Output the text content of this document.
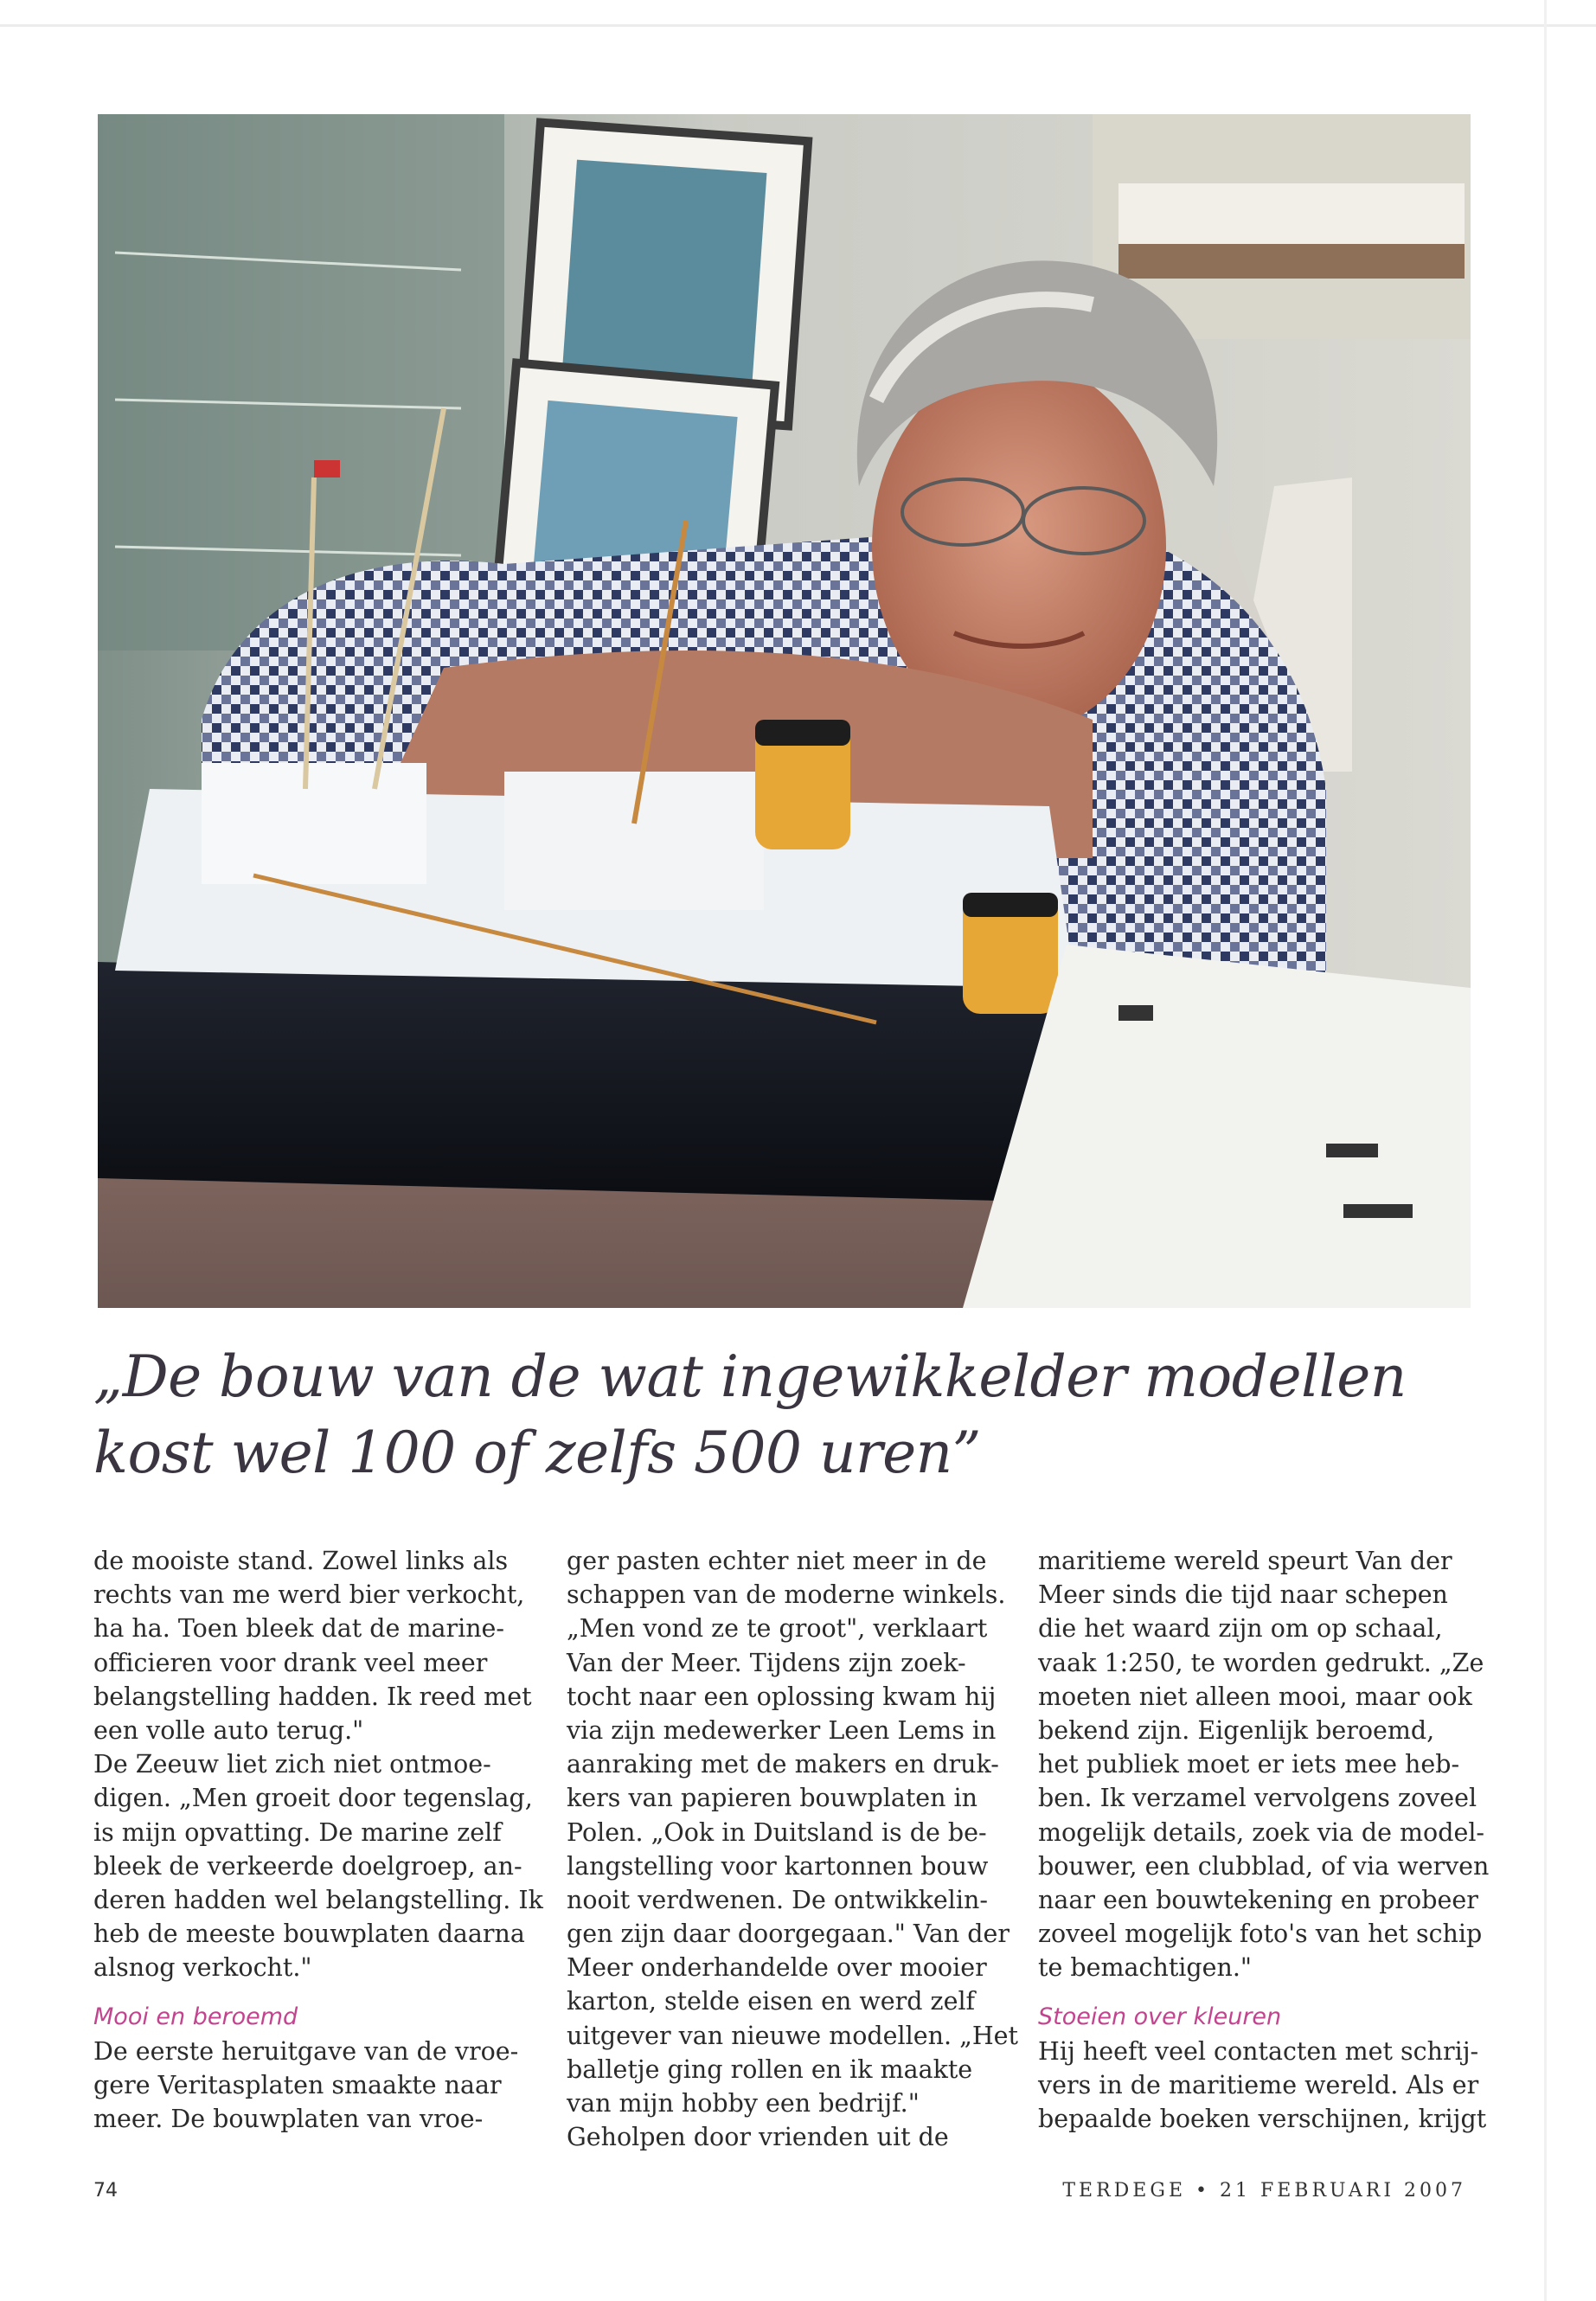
„De bouw van de wat ingewikkelder modellen
kost wel 100 of zelfs 500 uren”
de mooiste stand. Zowel links als
rechts van me werd bier verkocht,
ha ha. Toen bleek dat de marine-
officieren voor drank veel meer
belangstelling hadden. Ik reed met
een volle auto terug."
De Zeeuw liet zich niet ontmoe-
digen. „Men groeit door tegenslag,
is mijn opvatting. De marine zelf
bleek de verkeerde doelgroep, an-
deren hadden wel belangstelling. Ik
heb de meeste bouwplaten daarna
alsnog verkocht."
Mooi en beroemd
De eerste heruitgave van de vroe-
gere Veritasplaten smaakte naar
meer. De bouwplaten van vroe-
ger pasten echter niet meer in de
schappen van de moderne winkels.
„Men vond ze te groot", verklaart
Van der Meer. Tijdens zijn zoek-
tocht naar een oplossing kwam hij
via zijn medewerker Leen Lems in
aanraking met de makers en druk-
kers van papieren bouwplaten in
Polen. „Ook in Duitsland is de be-
langstelling voor kartonnen bouw
nooit verdwenen. De ontwikkelin-
gen zijn daar doorgegaan." Van der
Meer onderhandelde over mooier
karton, stelde eisen en werd zelf
uitgever van nieuwe modellen. „Het
balletje ging rollen en ik maakte
van mijn hobby een bedrijf."
Geholpen door vrienden uit de
maritieme wereld speurt Van der
Meer sinds die tijd naar schepen
die het waard zijn om op schaal,
vaak 1:250, te worden gedrukt. „Ze
moeten niet alleen mooi, maar ook
bekend zijn. Eigenlijk beroemd,
het publiek moet er iets mee heb-
ben. Ik verzamel vervolgens zoveel
mogelijk details, zoek via de model-
bouwer, een clubblad, of via werven
naar een bouwtekening en probeer
zoveel mogelijk foto's van het schip
te bemachtigen."
Stoeien over kleuren
Hij heeft veel contacten met schrij-
vers in de maritieme wereld. Als er
bepaalde boeken verschijnen, krijgt
74	TERDEGE • 21 FEBRUARI 2007
